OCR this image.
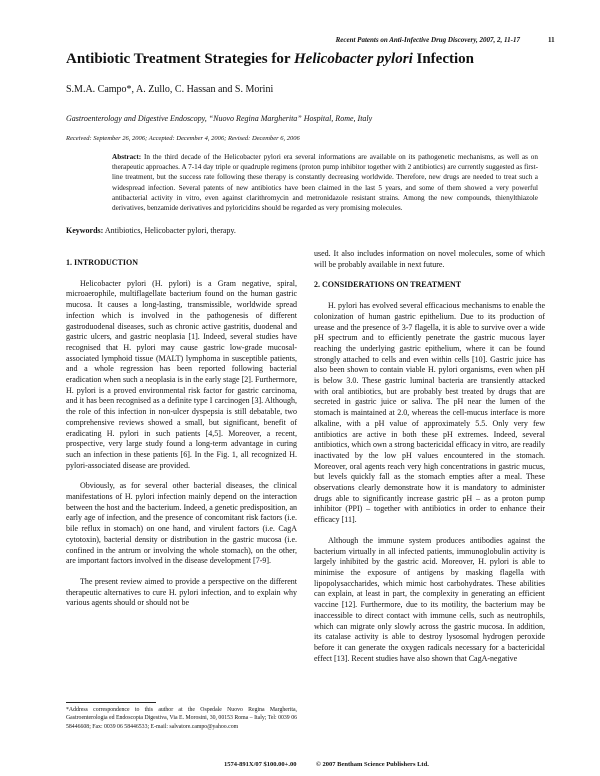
Recent Patents on Anti-Infective Drug Discovery, 2007, 2, 11-17	11
Antibiotic Treatment Strategies for Helicobacter pylori Infection
S.M.A. Campo*, A. Zullo, C. Hassan and S. Morini
Gastroenterology and Digestive Endoscopy, “Nuovo Regina Margherita” Hospital, Rome, Italy
Received: September 26, 2006; Accepted: December 4, 2006; Revised: December 6, 2006
Abstract: In the third decade of the Helicobacter pylori era several informations are available on its pathogenetic mechanisms, as well as on therapeutic approaches. A 7-14 day triple or quadruple regimens (proton pump inhibitor together with 2 antibiotics) are currently suggested as first-line treatment, but the success rate following these therapy is constantly decreasing worldwide. Therefore, new drugs are needed to treat such a widespread infection. Several patents of new antibiotics have been claimed in the last 5 years, and some of them showed a very powerful antibacterial activity in vitro, even against clarithromycin and metronidazole resistant strains. Among the new compounds, thienylthiazole derivatives, benzamide derivatives and pyloricidins should be regarded as very promising molecules.
Keywords: Antibiotics, Helicobacter pylori, therapy.

1. INTRODUCTION

Helicobacter pylori (H. pylori) is a Gram negative, spiral, microaerophile, multiflagellate bacterium found on the human gastric mucosa. It causes a long-lasting, transmissible, worldwide spread infection which is involved in the pathogenesis of different gastroduodenal diseases, such as chronic active gastritis, duodenal and gastric ulcers, and gastric neoplasia [1]. Indeed, several studies have recognised that H. pylori may cause gastric low-grade mucosal-associated lymphoid tissue (MALT) lymphoma in susceptible patients, and a whole regression has been reported following bacterial eradication when such a neoplasia is in the early stage [2]. Furthermore, H. pylori is a proved environmental risk factor for gastric carcinoma, and it has been recognised as a definite type I carcinogen [3]. Although, the role of this infection in non-ulcer dyspepsia is still debatable, two comprehensive reviews showed a small, but significant, benefit of eradicating H. pylori in such patients [4,5]. Moreover, a recent, prospective, very large study found a long-term advantage in curing such an infection in these patients [6]. In the Fig. 1, all recognized H. pylori-associated disease are provided.

Obviously, as for several other bacterial diseases, the clinical manifestations of H. pylori infection mainly depend on the interaction between the host and the bacterium. Indeed, a genetic predisposition, an early age of infection, and the presence of concomitant risk factors (i.e. bile reflux in stomach) on one hand, and virulent factors (i.e. CagA cytotoxin), bacterial density or distribution in the gastric mucosa (i.e. confined in the antrum or involving the whole stomach), on the other, are important factors involved in the disease development [7-9].

The present review aimed to provide a perspective on the different therapeutic alternatives to cure H. pylori infection, and to explain why various agents should or should not be

used. It also includes information on novel molecules, some of which will be probably available in next future.

2. CONSIDERATIONS ON TREATMENT

H. pylori has evolved several efficacious mechanisms to enable the colonization of human gastric epithelium. Due to its production of urease and the presence of 3-7 flagella, it is able to survive over a wide pH spectrum and to efficiently penetrate the gastric mucous layer reaching the underlying gastric epithelium, where it can be found strongly attached to cells and even within cells [10]. Gastric juice has also been shown to contain viable H. pylori organisms, even when pH is below 3.0. These gastric luminal bacteria are transiently attacked with oral antibiotics, but are probably best treated by drugs that are secreted in gastric juice or saliva. The pH near the lumen of the stomach is maintained at 2.0, whereas the cell-mucus interface is more alkaline, with a pH value of approximately 5.5. Only very few antibiotics are active in both these pH extremes. Indeed, several antibiotics, which own a strong bactericidal efficacy in vitro, are readily inactivated by the low pH values encountered in the stomach. Moreover, oral agents reach very high concentrations in gastric mucus, but levels quickly fall as the stomach empties after a meal. These observations clearly demonstrate how it is mandatory to administer drugs able to significantly increase gastric pH – as a proton pump inhibitor (PPI) – together with antibiotics in order to enhance their efficacy [11].

Although the immune system produces antibodies against the bacterium virtually in all infected patients, immunoglobulin activity is largely inhibited by the gastric acid. Moreover, H. pylori is able to minimise the exposure of antigens by masking flagella with lipopolysaccharides, which mimic host carbohydrates. These abilities can explain, at least in part, the complexity in generating an efficient vaccine [12]. Furthermore, due to its motility, the bacterium may be inaccessible to direct contact with immune cells, such as neutrophils, which can migrate only slowly across the gastric mucosa. In addition, its catalase activity is able to destroy lysosomal hydrogen peroxide before it can generate the oxygen radicals necessary for a bactericidal effect [13]. Recent studies have also shown that CagA-negative

*Address correspondence to this author at the Ospedale Nuovo Regina Margherita, Gastroenterologia ed Endoscopia Digestiva, Via E. Morosini, 30, 00153 Roma – Italy; Tel: 0039 06 58446608; Fax: 0039 06 58446533; E-mail: salvatore.campo@yahoo.com
1574-891X/07 $100.00+.00	© 2007 Bentham Science Publishers Ltd.
